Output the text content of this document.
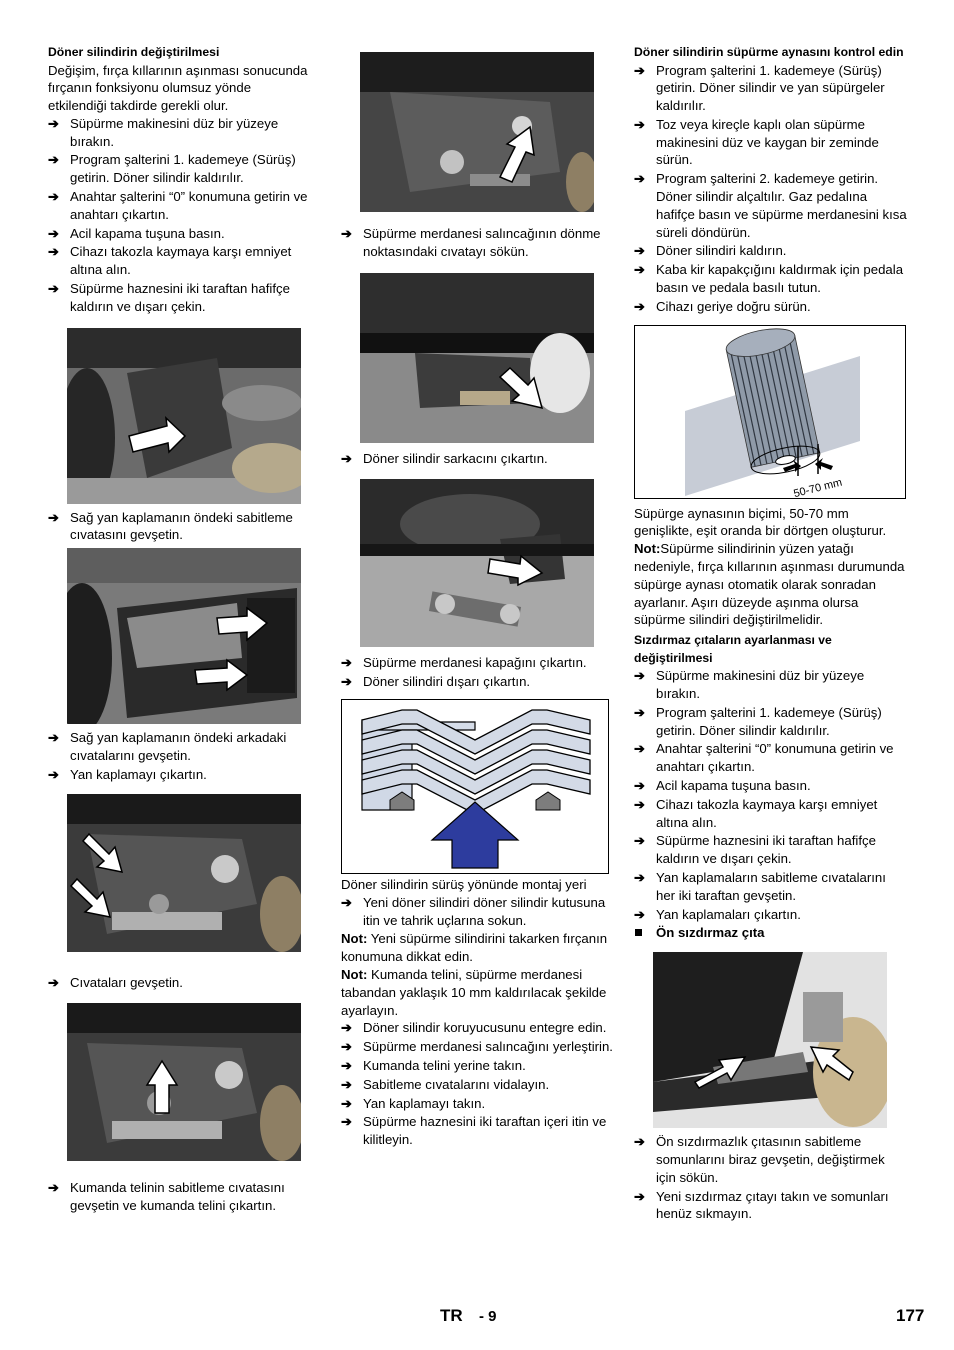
Döner silindirin değiştirilmesi

Değişim, fırça kıllarının aşınması sonucunda fırçanın fonksiyonu olumsuz yönde etkilendiği takdirde gerekli olur.

➔ Süpürme makinesini düz bir yüzeye bırakın.
➔ Program şalterini 1. kademeye (Sürüş) getirin. Döner silindir kaldırılır.
➔ Anahtar şalterini “0” konumuna getirin ve anahtarı çıkartın.
➔ Acil kapama tuşuna basın.
➔ Cihazı takozla kaymaya karşı emniyet altına alın.
➔ Süpürme haznesini iki taraftan hafifçe kaldırın ve dışarı çekin.
➔ Sağ yan kaplamanın öndeki sabitleme cıvatasını gevşetin.
➔ Sağ yan kaplamanın öndeki arkadaki cıvatalarını gevşetin.
➔ Yan kaplamayı çıkartın.
➔ Cıvataları gevşetin.
➔ Kumanda telinin sabitleme cıvatasını gevşetin ve kumanda telini çıkartın.
➔ Süpürme merdanesi salıncağının dönme noktasındaki cıvatayı sökün.
➔ Döner silindir sarkacını çıkartın.
➔ Süpürme merdanesi kapağını çıkartın.
➔ Döner silindiri dışarı çıkartın.

Döner silindirin sürüş yönünde montaj yeri

➔ Yeni döner silindiri döner silindir kutusuna itin ve tahrik uçlarına sokun.

Not: Yeni süpürme silindirini takarken fırçanın konumuna dikkat edin.

Not: Kumanda telini, süpürme merdanesi tabandan yaklaşık 10 mm kaldırılacak şekilde ayarlayın.

➔ Döner silindir koruyucusunu entegre edin.
➔ Süpürme merdanesi salıncağını yerleştirin.
➔ Kumanda telini yerine takın.
➔ Sabitleme cıvatalarını vidalayın.
➔ Yan kaplamayı takın.
➔ Süpürme haznesini iki taraftan içeri itin ve kilitleyin.

Döner silindirin süpürme aynasını kontrol edin

➔ Program şalterini 1. kademeye (Sürüş) getirin. Döner silindir ve yan süpürgeler kaldırılır.
➔ Toz veya kireçle kaplı olan süpürme makinesini düz ve kaygan bir zeminde sürün.
➔ Program şalterini 2. kademeye getirin. Döner silindir alçaltılır. Gaz pedalına hafifçe basın ve süpürme merdanesini kısa süreli döndürün.
➔ Döner silindiri kaldırın.
➔ Kaba kir kapakçığını kaldırmak için pedala basın ve pedala basılı tutun.
➔ Cihazı geriye doğru sürün.
50-70 mm

Süpürge aynasının biçimi, 50-70 mm genişlikte, eşit oranda bir dörtgen oluşturur.

Not:Süpürme silindirinin yüzen yatağı nedeniyle, fırça kıllarının aşınması durumunda süpürge aynası otomatik olarak sonradan ayarlanır. Aşırı düzeyde aşınma olursa süpürme silindiri değiştirilmelidir.

Sızdırmaz çıtaların ayarlanması ve değiştirilmesi

➔ Süpürme makinesini düz bir yüzeye bırakın.
➔ Program şalterini 1. kademeye (Sürüş) getirin. Döner silindir kaldırılır.
➔ Anahtar şalterini “0” konumuna getirin ve anahtarı çıkartın.
➔ Acil kapama tuşuna basın.
➔ Cihazı takozla kaymaya karşı emniyet altına alın.
➔ Süpürme haznesini iki taraftan hafifçe kaldırın ve dışarı çekin.
➔ Yan kaplamaların sabitleme cıvatalarını her iki taraftan gevşetin.
➔ Yan kaplamaları çıkartın.
Ön sızdırmaz çıta
➔ Ön sızdırmazlık çıtasının sabitleme somunlarını biraz gevşetin, değiştirmek için sökün.
➔ Yeni sızdırmaz çıtayı takın ve somunları henüz sıkmayın.
TR - 9	177
